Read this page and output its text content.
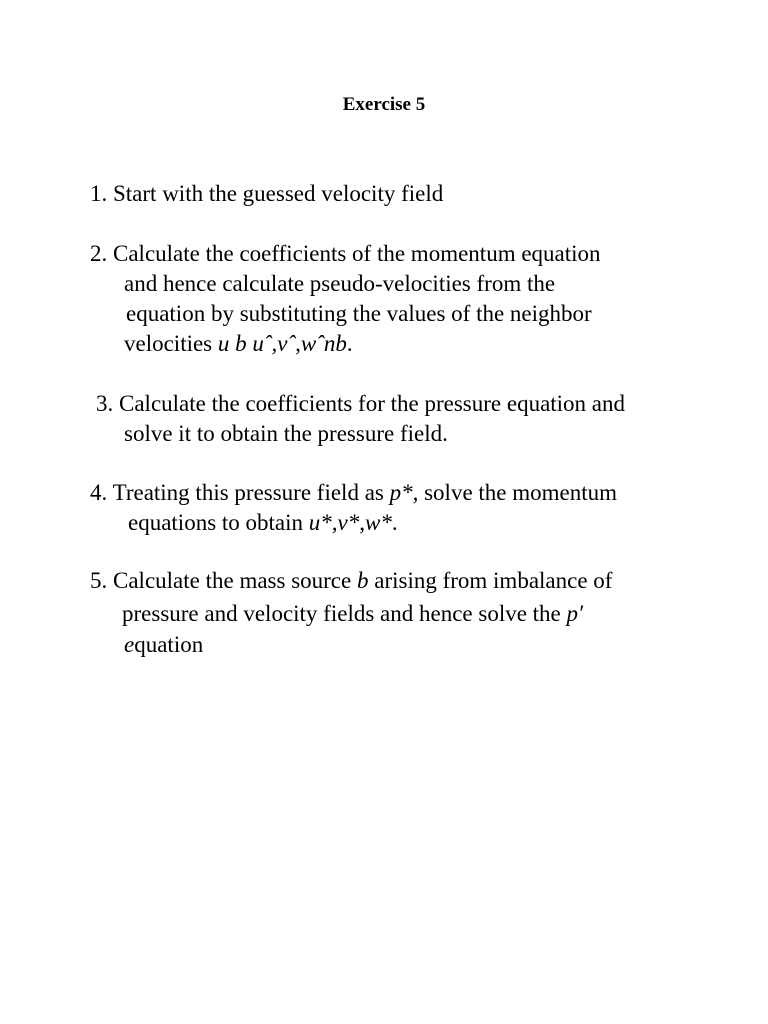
Exercise 5
1. Start with the guessed velocity field
2. Calculate the coefficients of the momentum equation
and hence calculate pseudo-velocities from the
equation by substituting the values of the neighbor
velocities u b uˆ,vˆ,wˆnb.
3. Calculate the coefficients for the pressure equation and
solve it to obtain the pressure field.
4. Treating this pressure field as p*, solve the momentum
equations to obtain u*,v*,w*.
5. Calculate the mass source b arising from imbalance of
pressure and velocity fields and hence solve the p′
equation
